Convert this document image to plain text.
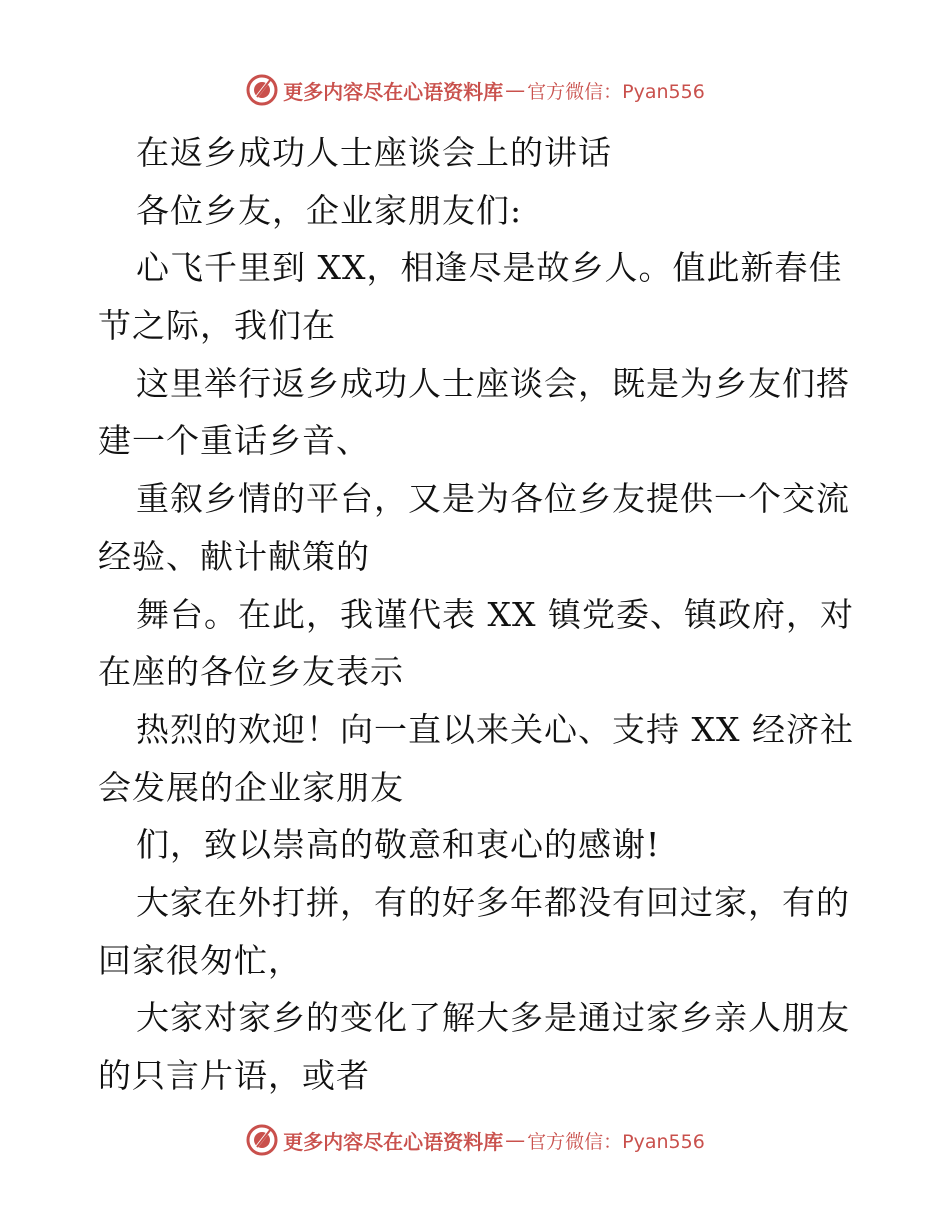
更多内容尽在心语资料库 — 官方微信：Pyan556
在返乡成功人士座谈会上的讲话
各位乡友，企业家朋友们:
心飞千里到 XX，相逢尽是故乡人。值此新春佳
节之际，我们在
这里举行返乡成功人士座谈会，既是为乡友们搭
建一个重话乡音、
重叙乡情的平台，又是为各位乡友提供一个交流
经验、献计献策的
舞台。在此，我谨代表 XX 镇党委、镇政府，对
在座的各位乡友表示
热烈的欢迎！向一直以来关心、支持 XX 经济社
会发展的企业家朋友
们，致以崇高的敬意和衷心的感谢!
大家在外打拼，有的好多年都没有回过家，有的
回家很匆忙，
大家对家乡的变化了解大多是通过家乡亲人朋友
的只言片语，或者
更多内容尽在心语资料库 — 官方微信：Pyan556
